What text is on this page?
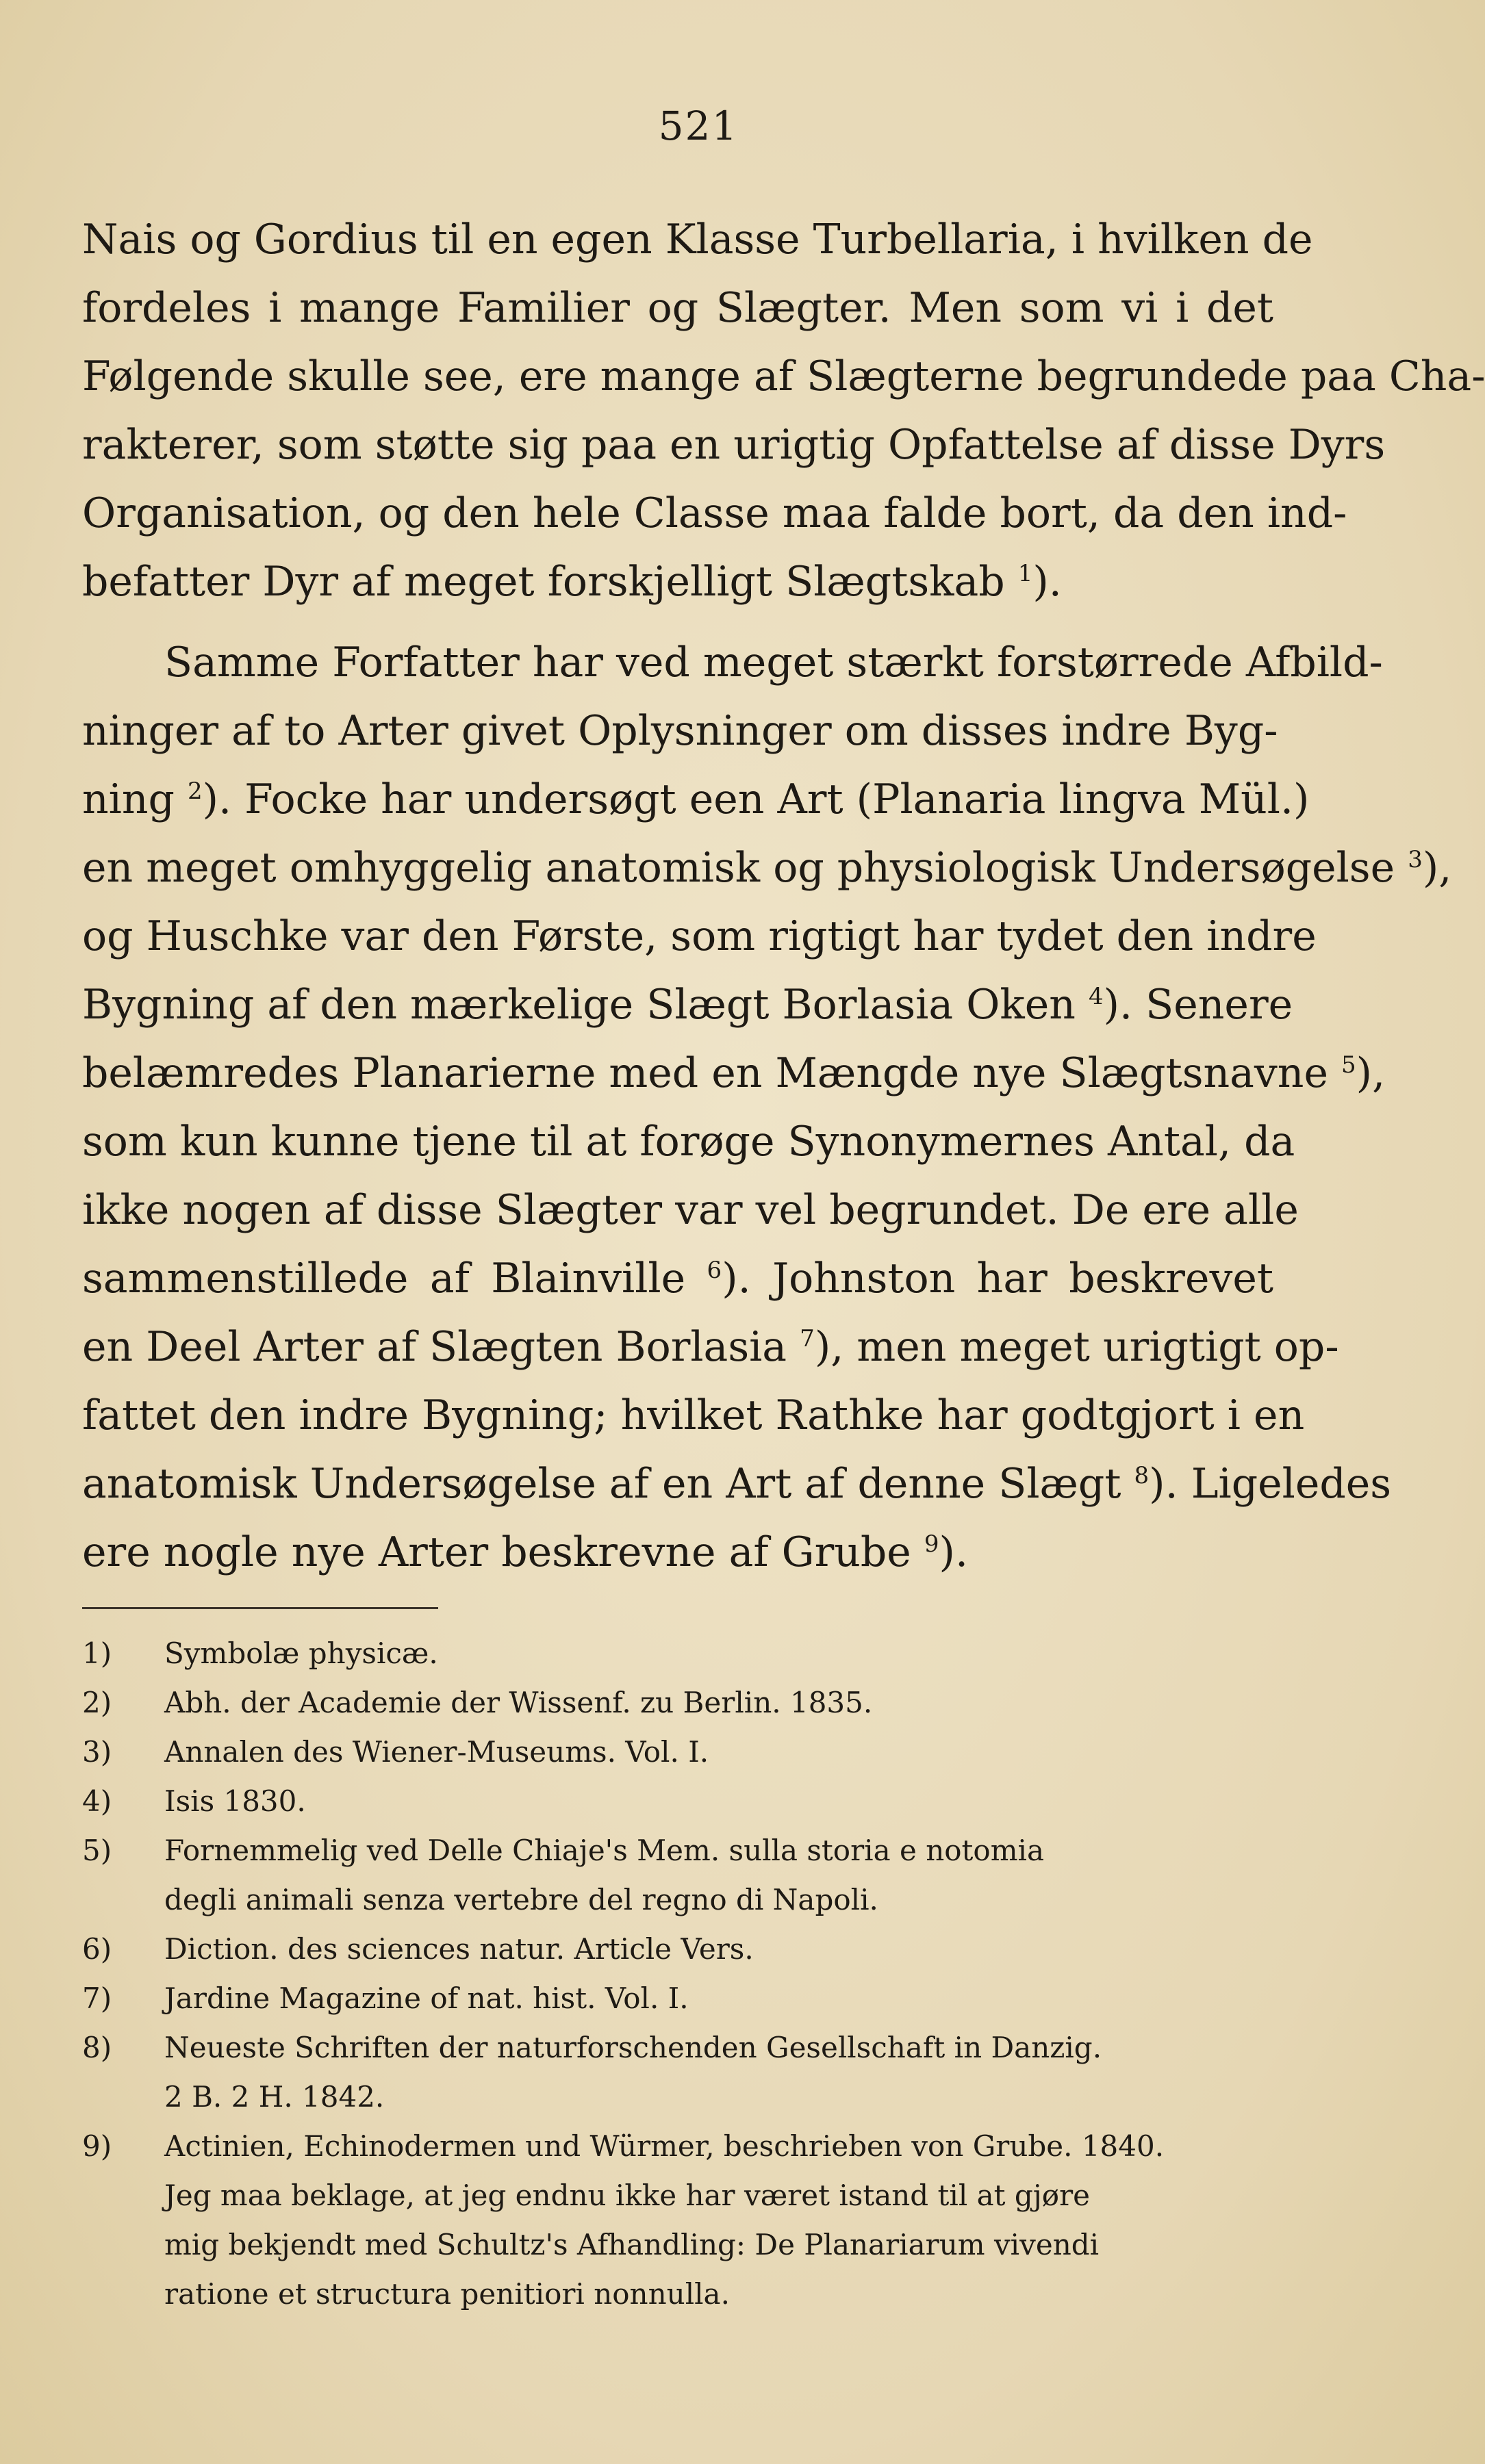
521
Nais og Gordius til en egen Klasse Turbellaria, i hvilken de
fordeles i mange Familier og Slægter. Men som vi i det
Følgende skulle see, ere mange af Slægterne begrundede paa Cha-
rakterer, som støtte sig paa en urigtig Opfattelse af disse Dyrs
Organisation, og den hele Classe maa falde bort, da den ind-
befatter Dyr af meget forskjelligt Slægtskab $^1$).
Samme Forfatter har ved meget stærkt forstørrede Afbild-
ninger af to Arter givet Oplysninger om disses indre Byg-
ning $^2$). Focke har undersøgt een Art (Planaria lingva Mül.)
en meget omhyggelig anatomisk og physiologisk Undersøgelse $^3$),
og Huschke var den Første, som rigtigt har tydet den indre
Bygning af den mærkelige Slægt Borlasia Oken $^4$). Senere
belæmredes Planarierne med en Mængde nye Slægtsnavne $^5$),
som kun kunne tjene til at forøge Synonymernes Antal, da
ikke nogen af disse Slægter var vel begrundet. De ere alle
sammenstillede af Blainville $^6$). Johnston har beskrevet
en Deel Arter af Slægten Borlasia $^7$), men meget urigtigt op-
fattet den indre Bygning; hvilket Rathke har godtgjort i en
anatomisk Undersøgelse af en Art af denne Slægt $^8$). Ligeledes
ere nogle nye Arter beskrevne af Grube $^9$).
1) Symbolæ physicæ.
2) Abh. der Academie der Wissenf. zu Berlin. 1835.
3) Annalen des Wiener-Museums. Vol. I.
4) Isis 1830.
5) Fornemmelig ved Delle Chiaje's Mem. sulla storia e notomia
degli animali senza vertebre del regno di Napoli.
6) Diction. des sciences natur. Article Vers.
7) Jardine Magazine of nat. hist. Vol. I.
8) Neueste Schriften der naturforschenden Gesellschaft in Danzig.
2 B. 2 H. 1842.
9) Actinien, Echinodermen und Würmer, beschrieben von Grube. 1840.
Jeg maa beklage, at jeg endnu ikke har været istand til at gjøre
mig bekjendt med Schultz's Afhandling: De Planariarum vivendi
ratione et structura penitiori nonnulla.
